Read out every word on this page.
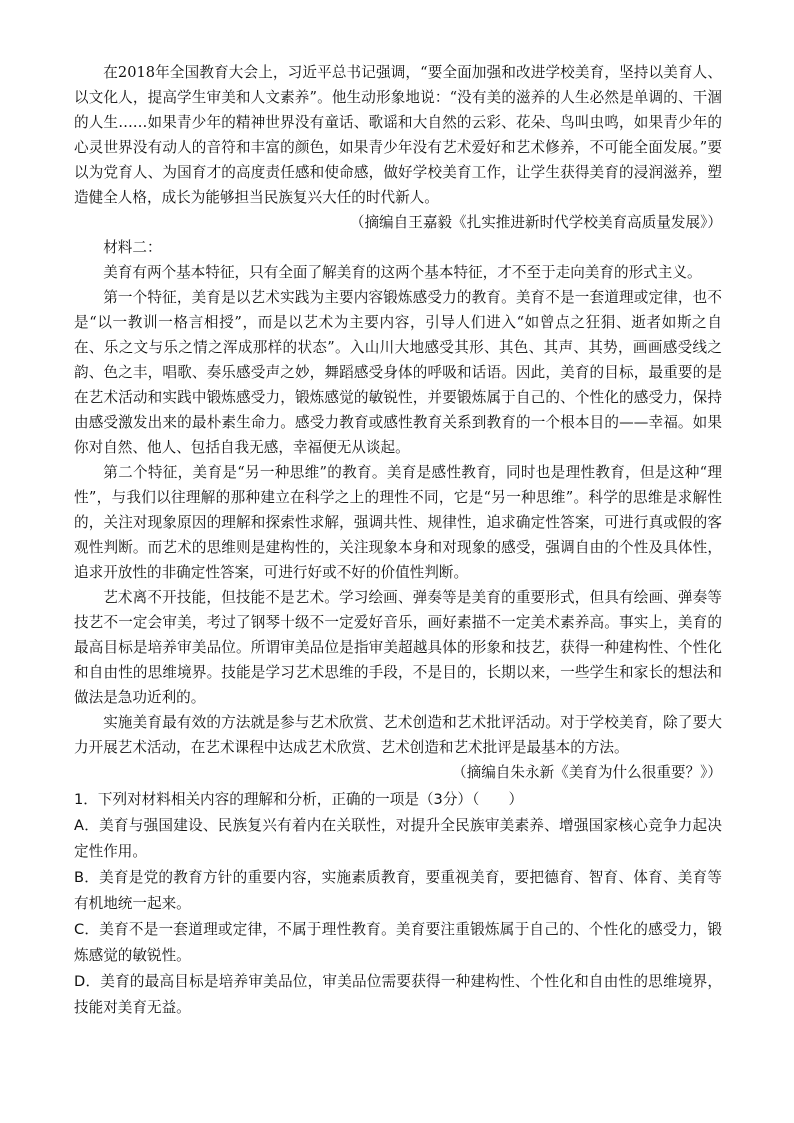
在2018年全国教育大会上，习近平总书记强调，“要全面加强和改进学校美育，坚持以美育人、以文化人，提高学生审美和人文素养”。他生动形象地说：“没有美的滋养的人生必然是单调的、干涸的人生……如果青少年的精神世界没有童话、歌谣和大自然的云彩、花朵、鸟叫虫鸣，如果青少年的心灵世界没有动人的音符和丰富的颜色，如果青少年没有艺术爱好和艺术修养，不可能全面发展。”要以为党育人、为国育才的高度责任感和使命感，做好学校美育工作，让学生获得美育的浸润滋养，塑造健全人格，成长为能够担当民族复兴大任的时代新人。

（摘编自王嘉毅《扎实推进新时代学校美育高质量发展》）

材料二：

美育有两个基本特征，只有全面了解美育的这两个基本特征，才不至于走向美育的形式主义。

第一个特征，美育是以艺术实践为主要内容锻炼感受力的教育。美育不是一套道理或定律，也不是“以一教训一格言相授”，而是以艺术为主要内容，引导人们进入“如曾点之狂狷、逝者如斯之自在、乐之文与乐之情之浑成那样的状态”。入山川大地感受其形、其色、其声、其势，画画感受线之韵、色之丰，唱歌、奏乐感受声之妙，舞蹈感受身体的呼吸和话语。因此，美育的目标，最重要的是在艺术活动和实践中锻炼感受力，锻炼感觉的敏锐性，并要锻炼属于自己的、个性化的感受力，保持由感受激发出来的最朴素生命力。感受力教育或感性教育关系到教育的一个根本目的——幸福。如果你对自然、他人、包括自我无感，幸福便无从谈起。

第二个特征，美育是“另一种思维”的教育。美育是感性教育，同时也是理性教育，但是这种“理性”，与我们以往理解的那种建立在科学之上的理性不同，它是“另一种思维”。科学的思维是求解性的，关注对现象原因的理解和探索性求解，强调共性、规律性，追求确定性答案，可进行真或假的客观性判断。而艺术的思维则是建构性的，关注现象本身和对现象的感受，强调自由的个性及具体性，追求开放性的非确定性答案，可进行好或不好的价值性判断。

艺术离不开技能，但技能不是艺术。学习绘画、弹奏等是美育的重要形式，但具有绘画、弹奏等技艺不一定会审美，考过了钢琴十级不一定爱好音乐，画好素描不一定美术素养高。事实上，美育的最高目标是培养审美品位。所谓审美品位是指审美超越具体的形象和技艺，获得一种建构性、个性化和自由性的思维境界。技能是学习艺术思维的手段，不是目的，长期以来，一些学生和家长的想法和做法是急功近利的。

实施美育最有效的方法就是参与艺术欣赏、艺术创造和艺术批评活动。对于学校美育，除了要大力开展艺术活动，在艺术课程中达成艺术欣赏、艺术创造和艺术批评是最基本的方法。

（摘编自朱永新《美育为什么很重要？》）

1．下列对材料相关内容的理解和分析，正确的一项是（3分）（　　）

A．美育与强国建设、民族复兴有着内在关联性，对提升全民族审美素养、增强国家核心竞争力起决定性作用。

B．美育是党的教育方针的重要内容，实施素质教育，要重视美育，要把德育、智育、体育、美育等有机地统一起来。

C．美育不是一套道理或定律，不属于理性教育。美育要注重锻炼属于自己的、个性化的感受力，锻炼感觉的敏锐性。

D．美育的最高目标是培养审美品位，审美品位需要获得一种建构性、个性化和自由性的思维境界，技能对美育无益。
